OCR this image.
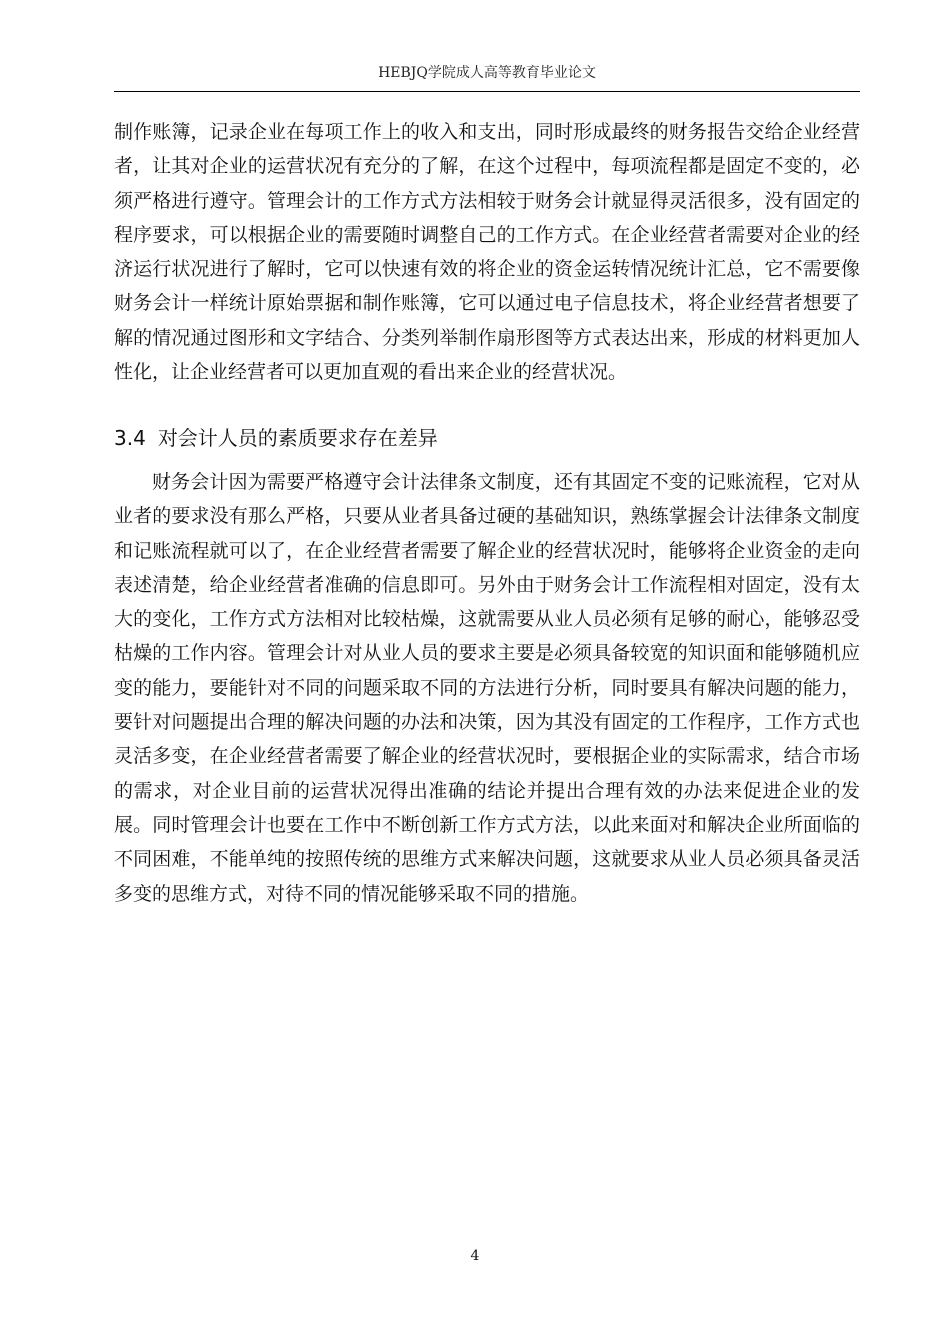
HEBJQ学院成人高等教育毕业论文

制作账簿，记录企业在每项工作上的收入和支出，同时形成最终的财务报告交给企业经营者，让其对企业的运营状况有充分的了解，在这个过程中，每项流程都是固定不变的，必须严格进行遵守。管理会计的工作方式方法相较于财务会计就显得灵活很多，没有固定的程序要求，可以根据企业的需要随时调整自己的工作方式。在企业经营者需要对企业的经济运行状况进行了解时，它可以快速有效的将企业的资金运转情况统计汇总，它不需要像财务会计一样统计原始票据和制作账簿，它可以通过电子信息技术，将企业经营者想要了解的情况通过图形和文字结合、分类列举制作扇形图等方式表达出来，形成的材料更加人性化，让企业经营者可以更加直观的看出来企业的经营状况。

3.4 对会计人员的素质要求存在差异

财务会计因为需要严格遵守会计法律条文制度，还有其固定不变的记账流程，它对从业者的要求没有那么严格，只要从业者具备过硬的基础知识，熟练掌握会计法律条文制度和记账流程就可以了，在企业经营者需要了解企业的经营状况时，能够将企业资金的走向表述清楚，给企业经营者准确的信息即可。另外由于财务会计工作流程相对固定，没有太大的变化，工作方式方法相对比较枯燥，这就需要从业人员必须有足够的耐心，能够忍受枯燥的工作内容。管理会计对从业人员的要求主要是必须具备较宽的知识面和能够随机应变的能力，要能针对不同的问题采取不同的方法进行分析，同时要具有解决问题的能力，要针对问题提出合理的解决问题的办法和决策，因为其没有固定的工作程序，工作方式也灵活多变，在企业经营者需要了解企业的经营状况时，要根据企业的实际需求，结合市场的需求，对企业目前的运营状况得出准确的结论并提出合理有效的办法来促进企业的发展。同时管理会计也要在工作中不断创新工作方式方法，以此来面对和解决企业所面临的不同困难，不能单纯的按照传统的思维方式来解决问题，这就要求从业人员必须具备灵活多变的思维方式，对待不同的情况能够采取不同的措施。

4
